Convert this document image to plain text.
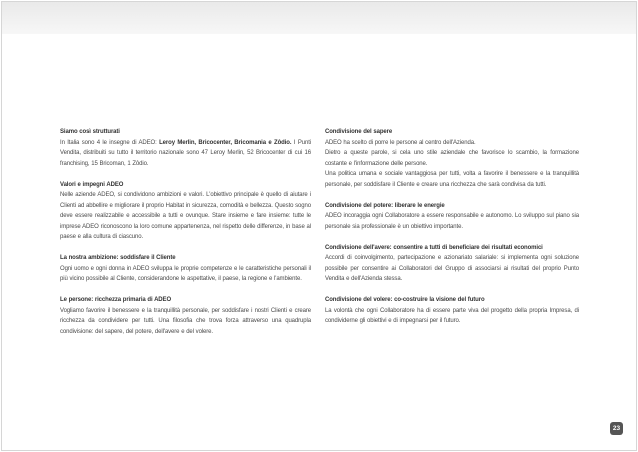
Siamo così strutturati

In Italia sono 4 le insegne di ADEO: Leroy Merlin, Bricocenter, Bricomania e Zôdio. I Punti Vendita, distribuiti su tutto il territorio nazionale sono 47 Leroy Merlin, 52 Bricocenter di cui 16 franchising, 15 Bricoman, 1 Zôdio.

Valori e impegni ADEO

Nelle aziende ADEO, si condividono ambizioni e valori. L'obiettivo principale è quello di aiutare i Clienti ad abbellire e migliorare il proprio Habitat in sicurezza, comodità e bellezza. Questo sogno deve essere realizzabile e accessibile a tutti e ovunque. Stare insieme e fare insieme: tutte le imprese ADEO riconoscono la loro comune appartenenza, nel rispetto delle differenze, in base al paese e alla cultura di ciascuno.

La nostra ambizione: soddisfare il Cliente

Ogni uomo e ogni donna in ADEO sviluppa le proprie competenze e le caratteristiche personali il più vicino possibile al Cliente, considerandone le aspettative, il paese, la regione e l'ambiente.

Le persone: ricchezza primaria di ADEO

Vogliamo favorire il benessere e la tranquillità personale, per soddisfare i nostri Clienti e creare ricchezza da condividere per tutti. Una filosofia che trova forza attraverso una quadrupla condivisione: del sapere, del potere, dell'avere e del volere.

Condivisione del sapere

ADEO ha scelto di porre le persone al centro dell'Azienda.

Dietro a queste parole, si cela uno stile aziendale che favorisce lo scambio, la formazione costante e l'informazione delle persone.

Una politica umana e sociale vantaggiosa per tutti, volta a favorire il benessere e la tranquillità personale, per soddisfare il Cliente e creare una ricchezza che sarà condivisa da tutti.

Condivisione del potere: liberare le energie

ADEO incoraggia ogni Collaboratore a essere responsabile e autonomo. Lo sviluppo sul piano sia personale sia professionale è un obiettivo importante.

Condivisione dell'avere: consentire a tutti di beneficiare dei risultati economici

Accordi di coinvolgimento, partecipazione e azionariato salariale: si implementa ogni soluzione possibile per consentire ai Collaboratori del Gruppo di associarsi ai risultati del proprio Punto Vendita e dell'Azienda stessa.

Condivisione del volere: co-costruire la visione del futuro

La volontà che ogni Collaboratore ha di essere parte viva del progetto della propria Impresa, di condividerne gli obiettivi e di impegnarsi per il futuro.

23
